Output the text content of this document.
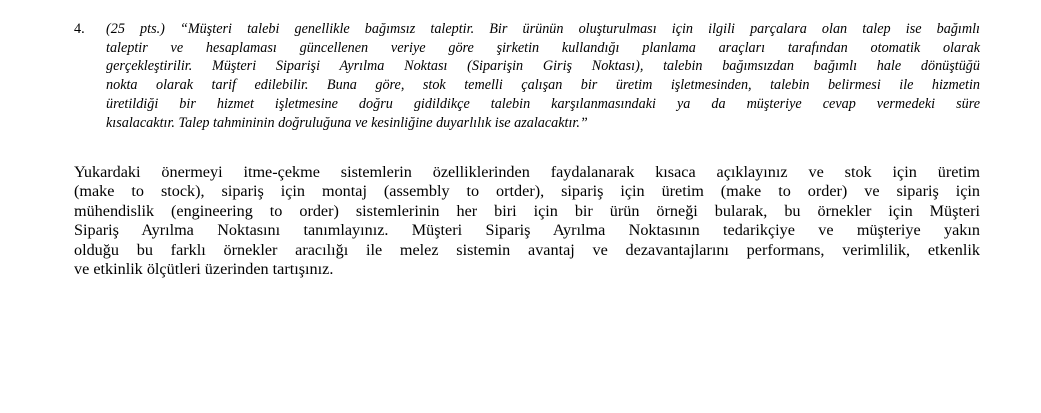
4.	(25 pts.) “Müşteri talebi genellikle bağımsız taleptir. Bir ürünün oluşturulması için ilgili parçalara olan talep ise bağımlı
taleptir ve hesaplaması güncellenen veriye göre şirketin kullandığı planlama araçları tarafından otomatik olarak
gerçekleştirilir. Müşteri Siparişi Ayrılma Noktası (Siparişin Giriş Noktası), talebin bağımsızdan bağımlı hale dönüştüğü
nokta olarak tarif edilebilir. Buna göre, stok temelli çalışan bir üretim işletmesinden, talebin belirmesi ile hizmetin
üretildiği bir hizmet işletmesine doğru gidildikçe talebin karşılanmasındaki ya da müşteriye cevap vermedeki süre
kısalacaktır. Talep tahmininin doğruluğuna ve kesinliğine duyarlılık ise azalacaktır.”
Yukardaki önermeyi itme-çekme sistemlerin özelliklerinden faydalanarak kısaca açıklayınız ve stok için üretim
(make to stock), sipariş için montaj (assembly to ortder), sipariş için üretim (make to order) ve sipariş için
mühendislik (engineering to order) sistemlerinin her biri için bir ürün örneği bularak, bu örnekler için Müşteri
Sipariş Ayrılma Noktasını tanımlayınız. Müşteri Sipariş Ayrılma Noktasının tedarikçiye ve müşteriye yakın
olduğu bu farklı örnekler aracılığı ile melez sistemin avantaj ve dezavantajlarını performans, verimlilik, etkenlik
ve etkinlik ölçütleri üzerinden tartışınız.
